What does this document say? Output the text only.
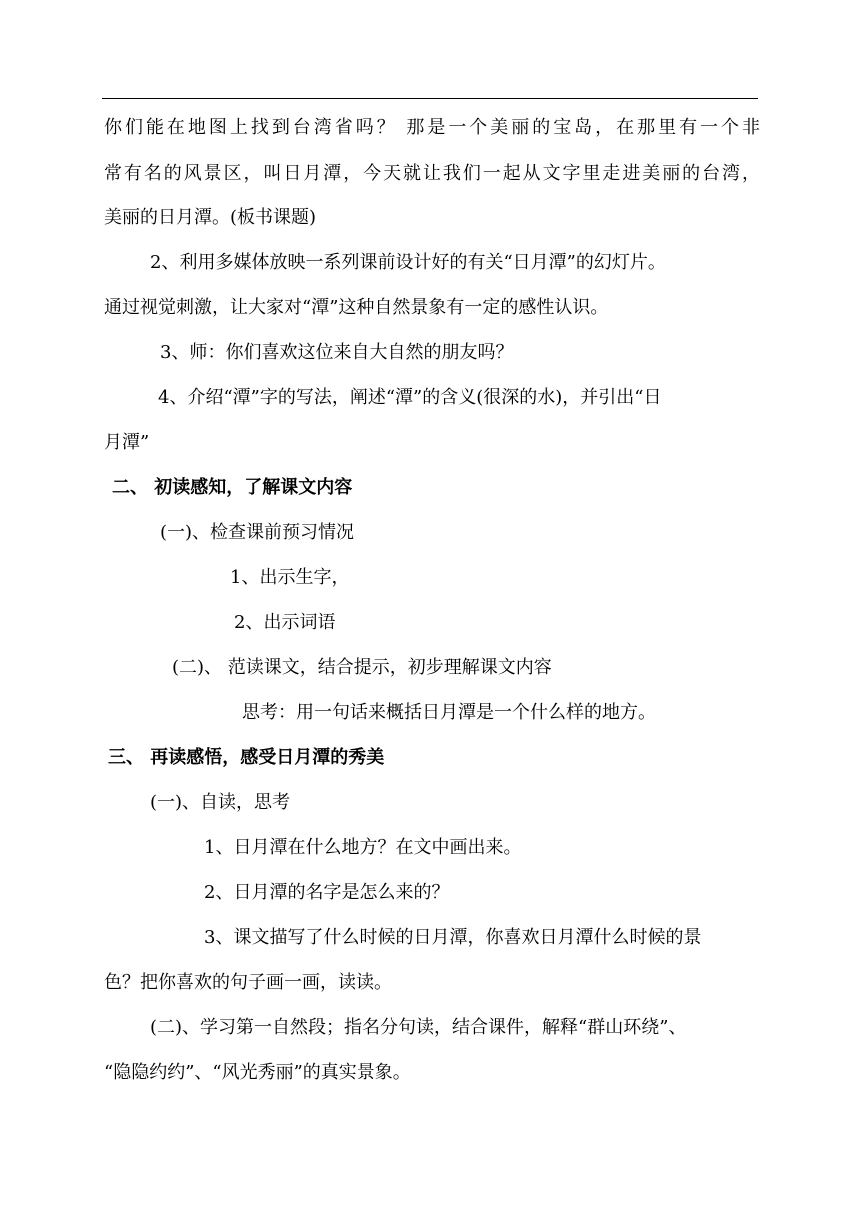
你们能在地图上找到台湾省吗？ 那是一个美丽的宝岛，在那里有一个非
常有名的风景区，叫日月潭，今天就让我们一起从文字里走进美丽的台湾，
美丽的日月潭。(板书课题)
2、利用多媒体放映一系列课前设计好的有关“日月潭”的幻灯片。
通过视觉刺激，让大家对“潭”这种自然景象有一定的感性认识。
3、师：你们喜欢这位来自大自然的朋友吗？
4、介绍“潭”字的写法，阐述“潭”的含义(很深的水)，并引出“日
月潭”
二、 初读感知，了解课文内容
(一)、检查课前预习情况
1、出示生字，
2、出示词语
(二)、 范读课文，结合提示，初步理解课文内容
思考：用一句话来概括日月潭是一个什么样的地方。
三、 再读感悟，感受日月潭的秀美
(一)、自读，思考
1、日月潭在什么地方？在文中画出来。
2、日月潭的名字是怎么来的？
3、课文描写了什么时候的日月潭，你喜欢日月潭什么时候的景
色？把你喜欢的句子画一画，读读。
(二)、学习第一自然段；指名分句读，结合课件，解释“群山环绕”、
“隐隐约约”、“风光秀丽”的真实景象。
